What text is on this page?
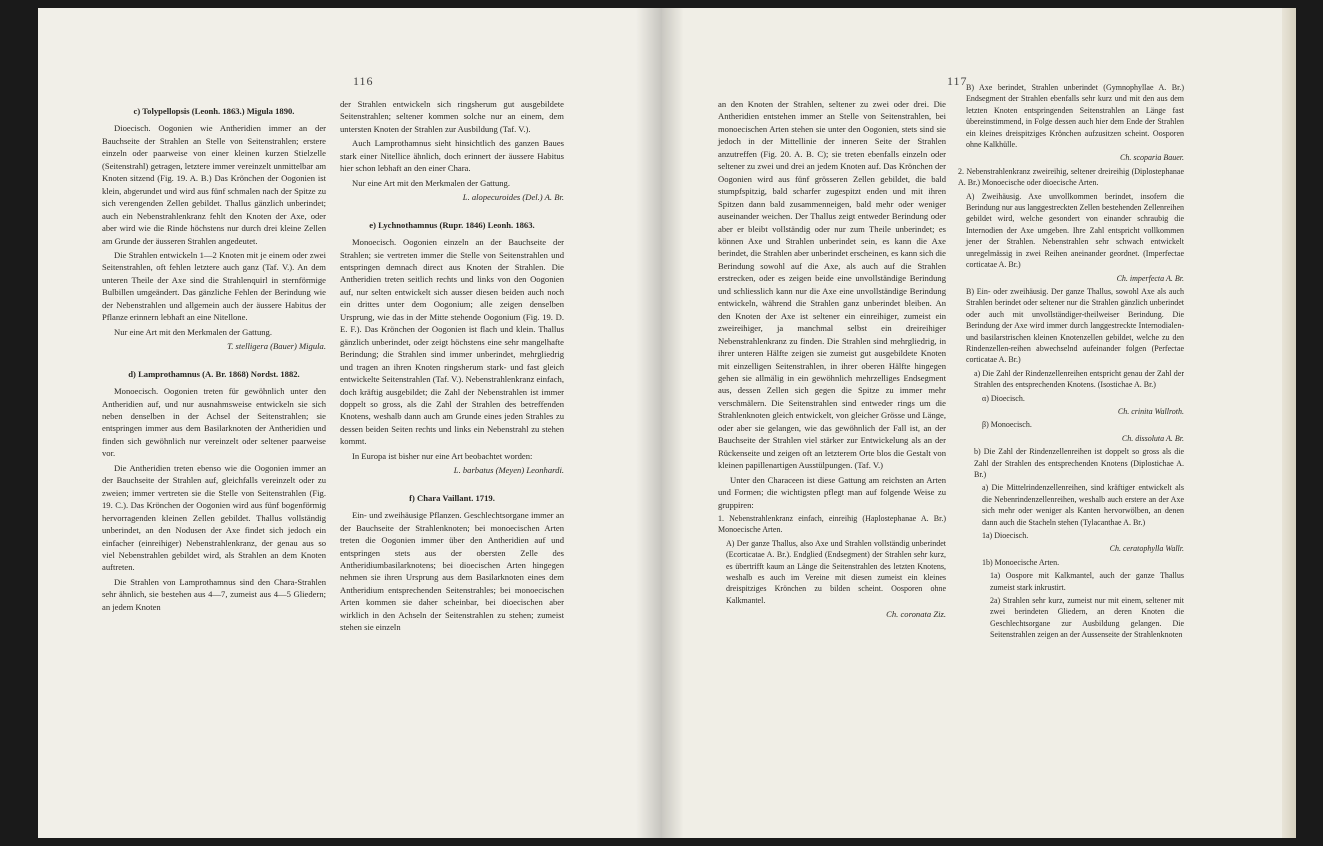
116
c) Tolypellopsis (Leonh. 1863.) Migula 1890.

Dioecisch. Oogonien wie Antheridien immer an der Bauchseite der Strahlen an Stelle von Seitenstrahlen; erstere einzeln oder paarweise von einer kleinen kurzen Stielzelle (Seitenstrahl) getragen, letztere immer vereinzelt unmittelbar am Knoten sitzend (Fig. 19. A. B.) Das Krönchen der Oogonien ist klein, abgerundet und wird aus fünf schmalen nach der Spitze zu sich verengenden Zellen gebildet. Thallus gänzlich unberindet; auch ein Nebenstrahlenkranz fehlt den Knoten der Axe, oder aber wird wie die Rinde höchstens nur durch drei kleine Zellen am Grunde der äusseren Strahlen angedeutet.

Die Strahlen entwickeln 1—2 Knoten mit je einem oder zwei Seitenstrahlen, oft fehlen letztere auch ganz (Taf. V.). An dem unteren Theile der Axe sind die Strahlenquirl in sternförmige Bulbillen umgeändert. Das gänzliche Fehlen der Berindung wie der Nebenstrahlen und allgemein auch der äussere Habitus der Pflanze erinnern lebhaft an eine Nitellone.

Nur eine Art mit den Merkmalen der Gattung.

T. stelligera (Bauer) Migula.
d) Lamprothamnus (A. Br. 1868) Nordst. 1882.

Monoecisch. Oogonien treten für gewöhnlich unter den Antheridien auf, und nur ausnahmsweise entwickeln sie sich neben denselben in der Achsel der Seitenstrahlen; sie entspringen immer aus dem Basilarknoten der Antheridien und finden sich gewöhnlich nur vereinzelt oder seltener paarweise vor.

Die Antheridien treten ebenso wie die Oogonien immer an der Bauchseite der Strahlen auf, gleichfalls vereinzelt oder zu zweien; immer vertreten sie die Stelle von Seitenstrahlen (Fig. 19. C.). Das Krönchen der Oogonien wird aus fünf bogenförmig hervorragenden kleinen Zellen gebildet. Thallus vollständig unberindet, an den Nodusen der Axe findet sich jedoch ein einfacher (einreihiger) Nebenstrahlenkranz, der genau aus so viel Nebenstrahlen gebildet wird, als Strahlen an dem Knoten auftreten.

Die Strahlen von Lamprothamnus sind den Chara-Strahlen sehr ähnlich, sie bestehen aus 4—7, zumeist aus 4—5 Gliedern; an jedem Knoten

der Strahlen entwickeln sich ringsherum gut ausgebildete Seitenstrahlen; seltener kommen solche nur an einem, dem untersten Knoten der Strahlen zur Ausbildung (Taf. V.).

Auch Lamprothamnus sieht hinsichtlich des ganzen Baues stark einer Nitellice ähnlich, doch erinnert der äussere Habitus hier schon lebhaft an den einer Chara.

Nur eine Art mit den Merkmalen der Gattung.

L. alopecuroides (Del.) A. Br.
e) Lychnothamnus (Rupr. 1846) Leonh. 1863.

Monoecisch. Oogonien einzeln an der Bauchseite der Strahlen; sie vertreten immer die Stelle von Seitenstrahlen und entspringen demnach direct aus Knoten der Strahlen. Die Antheridien treten seitlich rechts und links von den Oogonien auf, nur selten entwickelt sich ausser diesen beiden auch noch ein drittes unter dem Oogonium; alle zeigen denselben Ursprung, wie das in der Mitte stehende Oogonium (Fig. 19. D. E. F.). Das Krönchen der Oogonien ist flach und klein. Thallus gänzlich unberindet, oder zeigt höchstens eine sehr mangelhafte Berindung; die Strahlen sind immer unberindet, mehrgliedrig und tragen an ihren Knoten ringsherum stark- und fast gleich entwickelte Seitenstrahlen (Taf. V.). Nebenstrahlenkranz einfach, doch kräftig ausgebildet; die Zahl der Nebenstrahlen ist immer doppelt so gross, als die Zahl der Strahlen des betreffenden Knotens, weshalb dann auch am Grunde eines jeden Strahles zu dessen beiden Seiten rechts und links ein Nebenstrahl zu stehen kommt.

In Europa ist bisher nur eine Art beobachtet worden:

L. barbatus (Meyen) Leonhardi.
f) Chara Vaillant. 1719.

Ein- und zweihäusige Pflanzen. Geschlechtsorgane immer an der Bauchseite der Strahlenknoten; bei monoecischen Arten treten die Oogonien immer über den Antheridien auf und entspringen stets aus der obersten Zelle des Antheridiumbasilarknotens; bei dioecischen Arten hingegen nehmen sie ihren Ursprung aus dem Basilarknoten eines dem Antheridium entsprechenden Seitenstrahles; bei monoecischen Arten kommen sie daher scheinbar, bei dioecischen aber wirklich in den Achseln der Seitenstrahlen zu stehen; zumeist stehen sie einzeln

117

an den Knoten der Strahlen, seltener zu zwei oder drei. Die Antheridien entstehen immer an Stelle von Seitenstrahlen, bei monoecischen Arten stehen sie unter den Oogonien, stets sind sie jedoch in der Mittellinie der inneren Seite der Strahlen anzutreffen (Fig. 20. A. B. C); sie treten ebenfalls einzeln oder seltener zu zwei und drei an jedem Knoten auf. Das Krönchen der Oogonien wird aus fünf grösseren Zellen gebildet, die bald stumpfspitzig, bald scharfer zugespitzt enden und mit ihren Spitzen dann bald zusammenneigen, bald mehr oder weniger auseinander weichen. Der Thallus zeigt entweder Berindung oder aber er bleibt vollständig oder nur zum Theile unberindet; es können Axe und Strahlen unberindet sein, es kann die Axe berindet, die Strahlen aber unberindet erscheinen, es kann sich die Berindung sowohl auf die Axe, als auch auf die Strahlen erstrecken, oder es zeigen beide eine unvollständige Berindung und schliesslich kann nur die Axe eine unvollständige Berindung entwickeln, während die Strahlen ganz unberindet bleiben. An den Knoten der Axe ist seltener ein einreihiger, zumeist ein zweireihiger, ja manchmal selbst ein dreireihiger Nebenstrahlenkranz zu finden. Die Strahlen sind mehrgliedrig, in ihrer unteren Hälfte zeigen sie zumeist gut ausgebildete Knoten mit einzelligen Seitenstrahlen, in ihrer oberen Hälfte hingegen gehen sie allmälig in ein gewöhnlich mehrzelliges Endsegment aus, dessen Zellen sich gegen die Spitze zu immer mehr verschmälern. Die Seitenstrahlen sind entweder rings um die Strahlenknoten gleich entwickelt, von gleicher Grösse und Länge, oder aber sie gelangen, wie das gewöhnlich der Fall ist, an der Bauchseite der Strahlen viel stärker zur Entwickelung als an der Rückenseite und zeigen oft an letzterem Orte blos die Gestalt von kleinen papillenartigen Ausstülpungen. (Taf. V.)

Unter den Characeen ist diese Gattung am reichsten an Arten und Formen; die wichtigsten pflegt man auf folgende Weise zu gruppiren:

1. Nebenstrahlenkranz einfach, einreihig (Haplostephanae A. Br.) Monoecische Arten.
A) Der ganze Thallus, also Axe und Strahlen vollständig unberindet (Ecorticatae A. Br.). Endglied (Endsegment) der Strahlen sehr kurz, es übertrifft kaum an Länge die Seitenstrahlen des letzten Knotens, weshalb es auch im Vereine mit diesen zumeist ein kleines dreispitziges Krönchen zu bilden scheint. Oosporen ohne Kalkmantel.
Ch. coronata Ziz.
B) Axe berindet, Strahlen unberindet (Gymnophyllae A. Br.) Endsegment der Strahlen ebenfalls sehr kurz und mit den aus dem letzten Knoten entspringenden Seitenstrahlen an Länge fast übereinstimmend, in Folge dessen auch hier dem Ende der Strahlen ein kleines dreispitziges Krönchen aufzusitzen scheint. Oosporen ohne Kalkhülle.
Ch. scoparia Bauer.
2. Nebenstrahlenkranz zweireihig, seltener dreireihig (Diplostephanae A. Br.) Monoecische oder dioecische Arten.
A) Zweihäusig. Axe unvollkommen berindet, insofern die Berindung nur aus langgestreckten Zellen bestehenden Zellenreihen gebildet wird, welche gesondert von einander schraubig die Internodien der Axe umgeben. Ihre Zahl entspricht vollkommen jener der Strahlen. Nebenstrahlen sehr schwach entwickelt unregelmässig in zwei Reihen aneinander geordnet. (Imperfectae corticatae A. Br.)
Ch. imperfecta A. Br.
B) Ein- oder zweihäusig. Der ganze Thallus, sowohl Axe als auch Strahlen berindet oder seltener nur die Strahlen gänzlich unberindet oder auch mit unvollständiger-theilweiser Berindung. Die Berindung der Axe wird immer durch langgestreckte Internodialen- und basilarstrischen kleinen Knotenzellen gebildet, welche zu den Rindenzellen-reihen abwechselnd aufeinander folgen (Perfectae corticatae A. Br.)
a) Die Zahl der Rindenzellenreihen entspricht genau der Zahl der Strahlen des entsprechenden Knotens. (Isostichae A. Br.)
α) Dioecisch.
Ch. crinita Wallroth.
β) Monoecisch.
Ch. dissoluta A. Br.
b) Die Zahl der Rindenzellenreihen ist doppelt so gross als die Zahl der Strahlen des entsprechenden Knotens (Diplostichae A. Br.)
a) Die Mittelrindenzellenreihen, sind kräftiger entwickelt als die Nebenrindenzellenreihen, weshalb auch erstere an der Axe sich mehr oder weniger als Kanten hervorwölben, an denen dann auch die Stacheln stehen (Tylacanthae A. Br.)
1a) Dioecisch.
Ch. ceratophylla Wallr.
1b) Monoecische Arten.
1a) Oospore mit Kalkmantel, auch der ganze Thallus zumeist stark inkrustirt.
2a) Strahlen sehr kurz, zumeist nur mit einem, seltener mit zwei berindeten Gliedern, an deren Knoten die Geschlechtsorgane zur Ausbildung gelangen. Die Seitenstrahlen zeigen an der Aussenseite der Strahlenknoten
